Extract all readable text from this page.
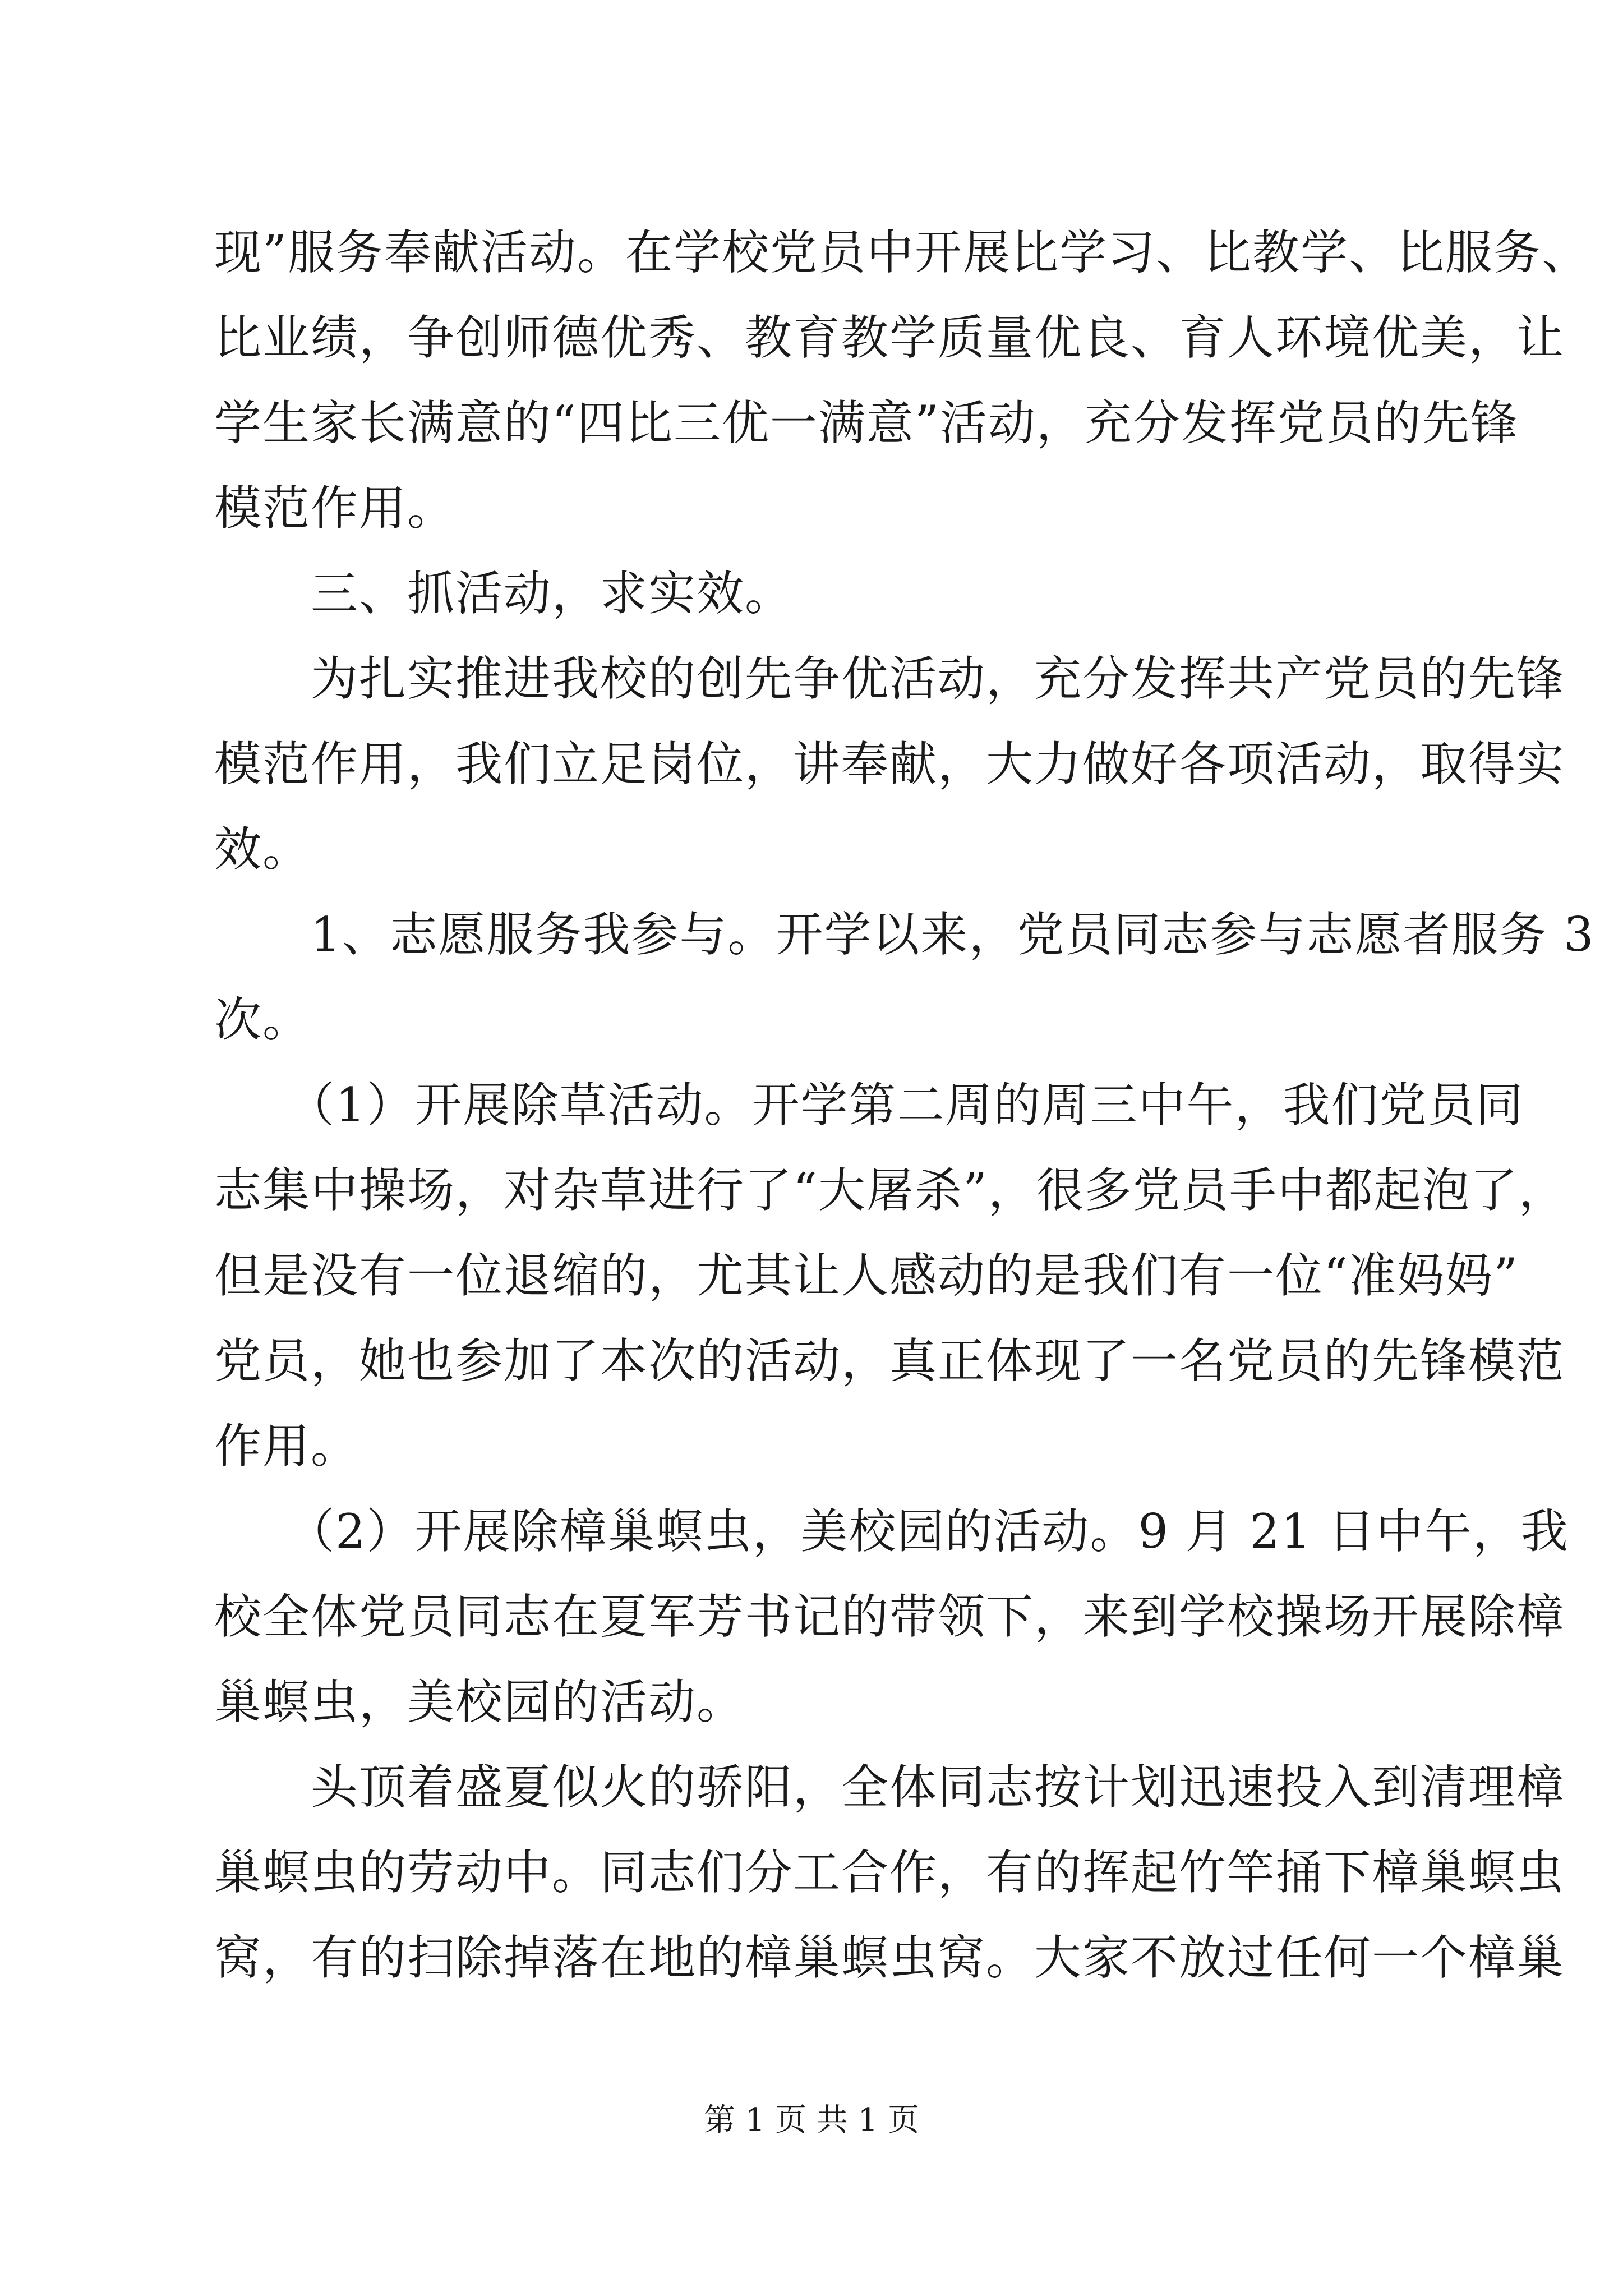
现”服务奉献活动。在学校党员中开展比学习、比教学、比服务、
比业绩，争创师德优秀、教育教学质量优良、育人环境优美，让
学生家长满意的“四比三优一满意”活动，充分发挥党员的先锋
模范作用。
　　三、抓活动，求实效。
　　为扎实推进我校的创先争优活动，充分发挥共产党员的先锋
模范作用，我们立足岗位，讲奉献，大力做好各项活动，取得实
效。
　　1、志愿服务我参与。开学以来，党员同志参与志愿者服务 3
次。
　　（1）开展除草活动。开学第二周的周三中午，我们党员同
志集中操场，对杂草进行了“大屠杀”，很多党员手中都起泡了，
但是没有一位退缩的，尤其让人感动的是我们有一位“准妈妈”
党员，她也参加了本次的活动，真正体现了一名党员的先锋模范
作用。
　　（2）开展除樟巢螟虫，美校园的活动。9 月 21 日中午，我
校全体党员同志在夏军芳书记的带领下，来到学校操场开展除樟
巢螟虫，美校园的活动。
　　头顶着盛夏似火的骄阳，全体同志按计划迅速投入到清理樟
巢螟虫的劳动中。同志们分工合作，有的挥起竹竿捅下樟巢螟虫
窝，有的扫除掉落在地的樟巢螟虫窝。大家不放过任何一个樟巢
第 1 页 共 1 页
